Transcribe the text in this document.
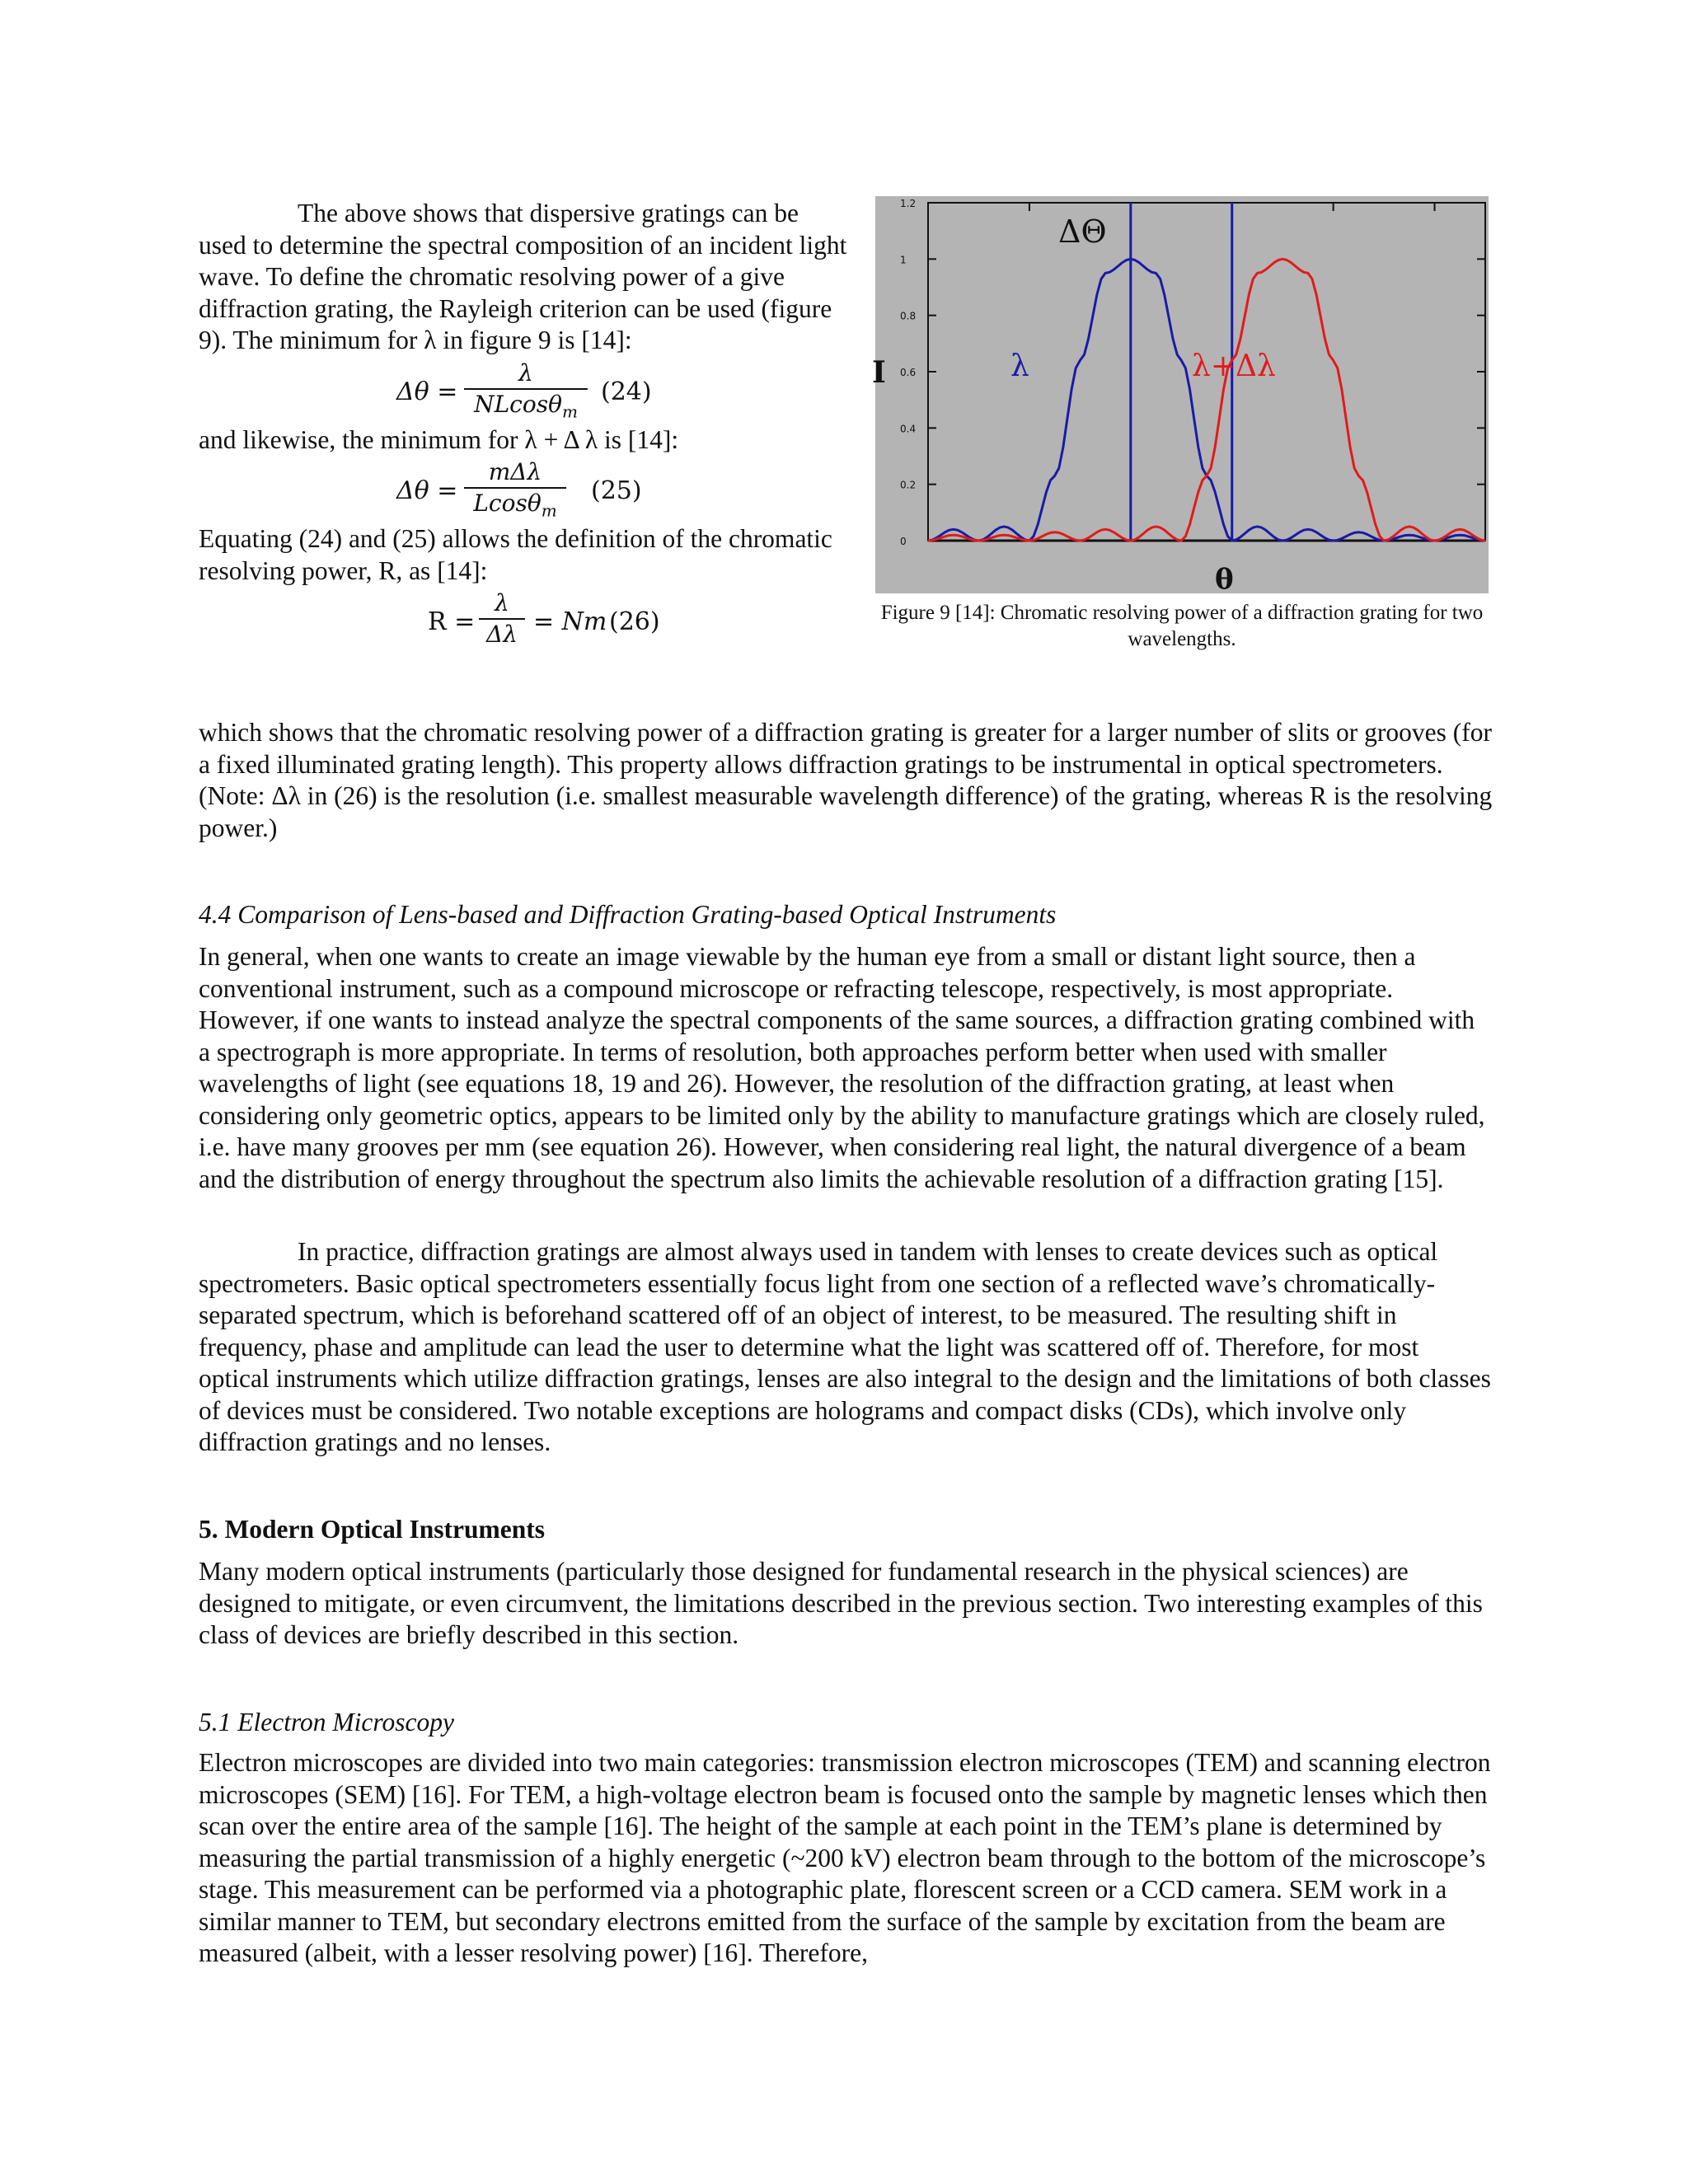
The above shows that dispersive gratings can be used to determine the spectral composition of an incident light wave. To define the chromatic resolving power of a give diffraction grating, the Rayleigh criterion can be used (figure 9). The minimum for λ in figure 9 is [14]:

$\Delta\theta = \frac{\lambda}{NLcos\theta_m} (24)$

and likewise, the minimum for λ + Δ λ is [14]:

Δθ =
mΔλ
Lcosθ$_m$
(25)

Equating (24) and (25) allows the definition of the chromatic resolving power, R, as [14]:

$R = \frac{\lambda}{\Delta\lambda} = Nm$ (26)
0
0.2
0.4
0.6
0.8
1
1.2
ΔΘ
λ	λ+Δλ
I
θ

Figure 9 [14]: Chromatic resolving power of a diffraction grating for two wavelengths.

which shows that the chromatic resolving power of a diffraction grating is greater for a larger number of slits or grooves (for a fixed illuminated grating length). This property allows diffraction gratings to be instrumental in optical spectrometers. (Note: Δλ in (26) is the resolution (i.e. smallest measurable wavelength difference) of the grating, whereas R is the resolving power.)

4.4 Comparison of Lens-based and Diffraction Grating-based Optical Instruments

In general, when one wants to create an image viewable by the human eye from a small or distant light source, then a conventional instrument, such as a compound microscope or refracting telescope, respectively, is most appropriate. However, if one wants to instead analyze the spectral components of the same sources, a diffraction grating combined with a spectrograph is more appropriate. In terms of resolution, both approaches perform better when used with smaller wavelengths of light (see equations 18, 19 and 26). However, the resolution of the diffraction grating, at least when considering only geometric optics, appears to be limited only by the ability to manufacture gratings which are closely ruled, i.e. have many grooves per mm (see equation 26). However, when considering real light, the natural divergence of a beam and the distribution of energy throughout the spectrum also limits the achievable resolution of a diffraction grating [15].

In practice, diffraction gratings are almost always used in tandem with lenses to create devices such as optical spectrometers. Basic optical spectrometers essentially focus light from one section of a reflected wave’s chromatically-separated spectrum, which is beforehand scattered off of an object of interest, to be measured. The resulting shift in frequency, phase and amplitude can lead the user to determine what the light was scattered off of. Therefore, for most optical instruments which utilize diffraction gratings, lenses are also integral to the design and the limitations of both classes of devices must be considered. Two notable exceptions are holograms and compact disks (CDs), which involve only diffraction gratings and no lenses.

5. Modern Optical Instruments

Many modern optical instruments (particularly those designed for fundamental research in the physical sciences) are designed to mitigate, or even circumvent, the limitations described in the previous section. Two interesting examples of this class of devices are briefly described in this section.

5.1 Electron Microscopy

Electron microscopes are divided into two main categories: transmission electron microscopes (TEM) and scanning electron microscopes (SEM) [16]. For TEM, a high-voltage electron beam is focused onto the sample by magnetic lenses which then scan over the entire area of the sample [16]. The height of the sample at each point in the TEM’s plane is determined by measuring the partial transmission of a highly energetic (~200 kV) electron beam through to the bottom of the microscope’s stage. This measurement can be performed via a photographic plate, florescent screen or a CCD camera. SEM work in a similar manner to TEM, but secondary electrons emitted from the surface of the sample by excitation from the beam are measured (albeit, with a lesser resolving power) [16]. Therefore,
